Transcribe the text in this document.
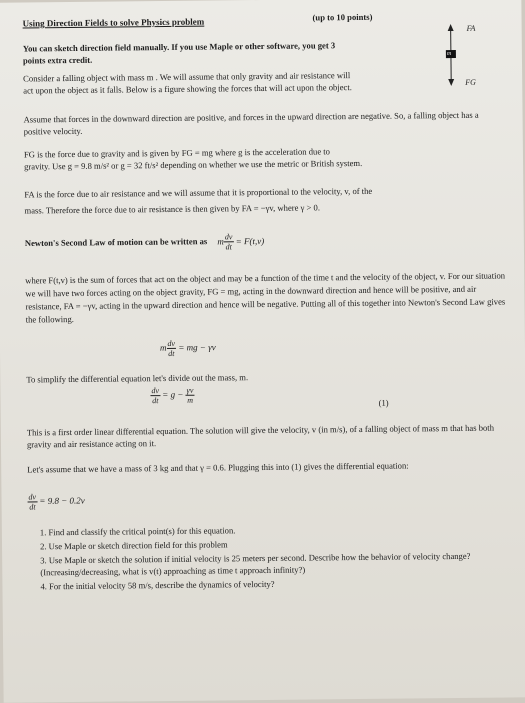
Using Direction Fields to solve Physics problem	(up to 10 points)
FA
m
FG
You can sketch direction field manually. If you use Maple or other software, you get 3 points extra credit.
Consider a falling object with mass m . We will assume that only gravity and air resistance will act upon the object as it falls. Below is a figure showing the forces that will act upon the object.
Assume that forces in the downward direction are positive, and forces in the upward direction are negative. So, a falling object has a positive velocity.
FG is the force due to gravity and is given by FG = mg where g is the acceleration due to
gravity. Use g = 9.8 m/s² or g = 32 ft/s² depending on whether we use the metric or British system.
FA is the force due to air resistance and we will assume that it is proportional to the velocity, v, of the
mass. Therefore the force due to air resistance is then given by FA = −γv, where γ > 0.
Newton's Second Law of motion can be written as m $\frac{dv}{dt} = F(t,v)$
where F(t,v) is the sum of forces that act on the object and may be a function of the time t and the velocity of the object, v. For our situation we will have two forces acting on the object gravity, FG = mg, acting in the downward direction and hence will be positive, and air resistance, FA = −γv, acting in the upward direction and hence will be negative. Putting all of this together into Newton's Second Law gives the following.
m $\frac{dv}{dt}$ = mg − γv
To simplify the differential equation let's divide out the mass, m.
$\frac{dv}{dt} = g - \frac{\gamma v}{m}$	(1)
This is a first order linear differential equation. The solution will give the velocity, v (in m/s), of a falling object of mass m that has both gravity and air resistance acting on it.
Let's assume that we have a mass of 3 kg and that γ = 0.6. Plugging this into (1) gives the differential equation:
$\frac{dv}{dt} = 9.8 - 0.2v$
1. Find and classify the critical point(s) for this equation.
2. Use Maple or sketch direction field for this problem
3. Use Maple or sketch the solution if initial velocity is 25 meters per second. Describe how the behavior of velocity change? (Increasing/decreasing, what is v(t) approaching as time t approach infinity?)
4. For the initial velocity 58 m/s, describe the dynamics of velocity?
